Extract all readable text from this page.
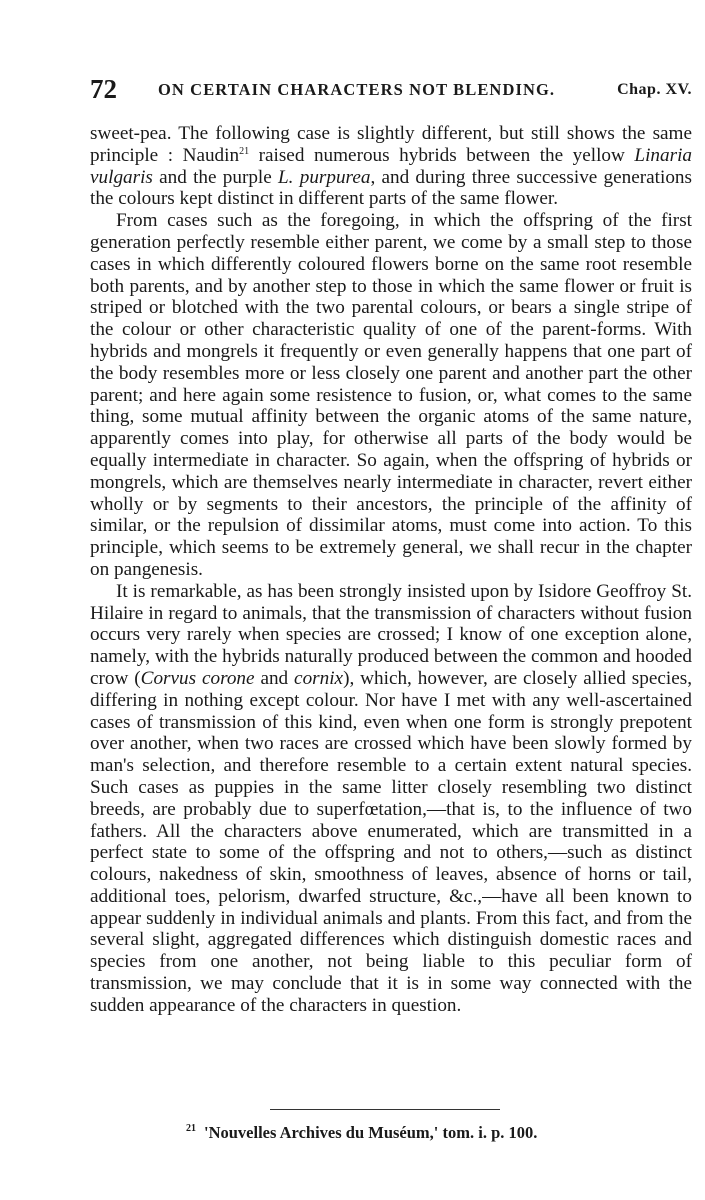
72 ON CERTAIN CHARACTERS NOT BLENDING.	Chap. XV.

sweet-pea. The following case is slightly different, but still shows the same principle : Naudin$^{21}$ raised numerous hybrids between the yellow Linaria vulgaris and the purple L. purpurea, and during three successive generations the colours kept distinct in different parts of the same flower.

From cases such as the foregoing, in which the offspring of the first generation perfectly resemble either parent, we come by a small step to those cases in which differently coloured flowers borne on the same root resemble both parents, and by another step to those in which the same flower or fruit is striped or blotched with the two parental colours, or bears a single stripe of the colour or other characteristic quality of one of the parent-forms. With hybrids and mongrels it frequently or even generally happens that one part of the body resembles more or less closely one parent and another part the other parent; and here again some resistence to fusion, or, what comes to the same thing, some mutual affinity between the organic atoms of the same nature, apparently comes into play, for otherwise all parts of the body would be equally intermediate in character. So again, when the offspring of hybrids or mongrels, which are themselves nearly intermediate in character, revert either wholly or by segments to their ancestors, the principle of the affinity of similar, or the repulsion of dissimilar atoms, must come into action. To this principle, which seems to be extremely general, we shall recur in the chapter on pangenesis.

It is remarkable, as has been strongly insisted upon by Isidore Geoffroy St. Hilaire in regard to animals, that the transmission of characters without fusion occurs very rarely when species are crossed; I know of one exception alone, namely, with the hybrids naturally produced between the common and hooded crow (Corvus corone and cornix), which, however, are closely allied species, differing in nothing except colour. Nor have I met with any well-ascertained cases of transmission of this kind, even when one form is strongly prepotent over another, when two races are crossed which have been slowly formed by man's selection, and therefore resemble to a certain extent natural species. Such cases as puppies in the same litter closely resembling two distinct breeds, are probably due to superfœtation,—that is, to the influence of two fathers. All the characters above enumerated, which are transmitted in a perfect state to some of the offspring and not to others,—such as distinct colours, nakedness of skin, smoothness of leaves, absence of horns or tail, additional toes, pelorism, dwarfed structure, &c.,—have all been known to appear suddenly in individual animals and plants. From this fact, and from the several slight, aggregated differences which distinguish domestic races and species from one another, not being liable to this peculiar form of transmission, we may conclude that it is in some way connected with the sudden appearance of the characters in question.

$^{21}$ 'Nouvelles Archives du Muséum,' tom. i. p. 100.
